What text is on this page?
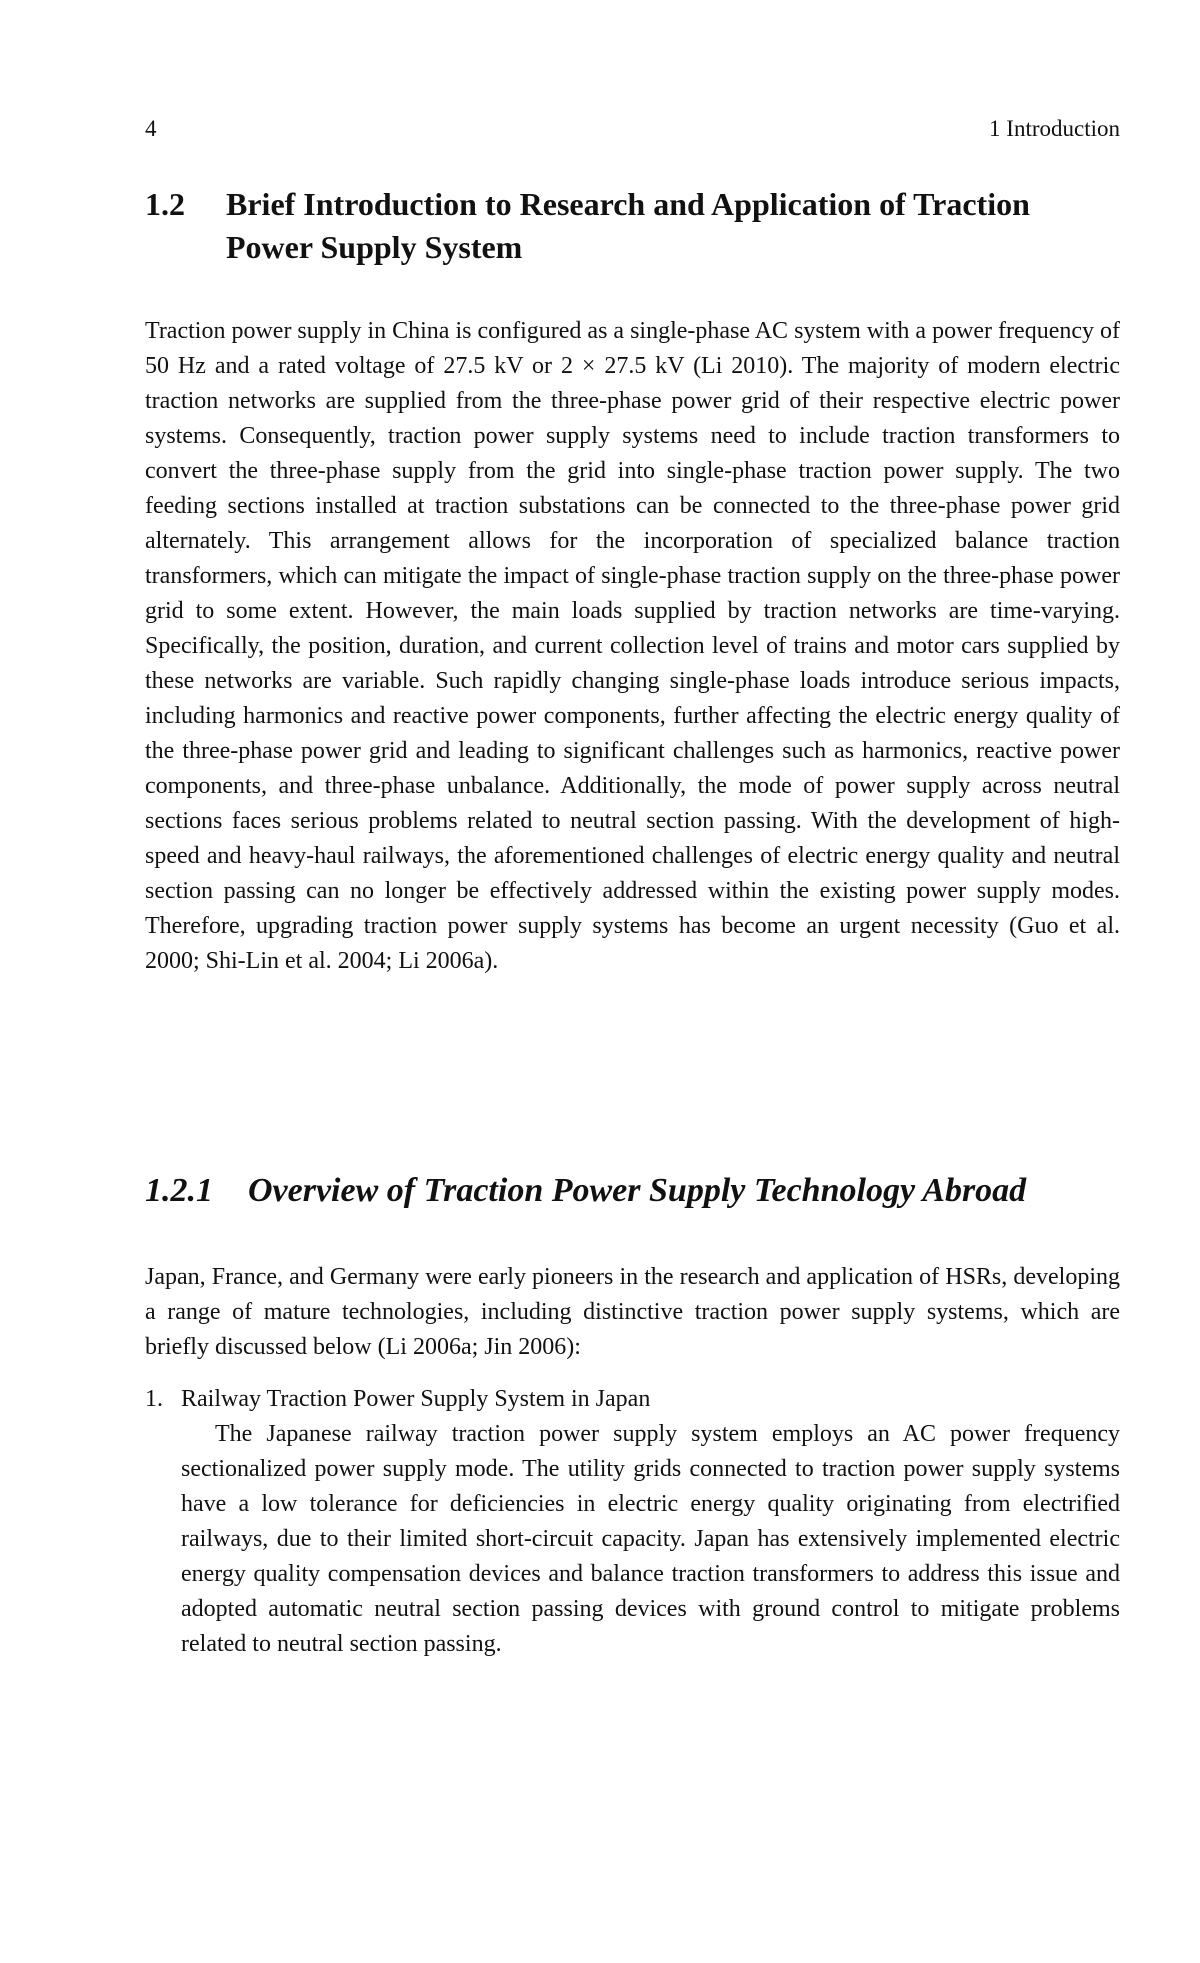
4	1 Introduction
1.2	Brief Introduction to Research and Application of Traction Power Supply System

Traction power supply in China is configured as a single-phase AC system with a power frequency of 50 Hz and a rated voltage of 27.5 kV or 2 × 27.5 kV (Li 2010). The majority of modern electric traction networks are supplied from the three-phase power grid of their respective electric power systems. Consequently, traction power supply systems need to include traction transformers to convert the three-phase supply from the grid into single-phase traction power supply. The two feeding sections installed at traction substations can be connected to the three-phase power grid alternately. This arrangement allows for the incorporation of specialized balance traction transformers, which can mitigate the impact of single-phase traction supply on the three-phase power grid to some extent. However, the main loads supplied by traction networks are time-varying. Specifically, the position, duration, and current collection level of trains and motor cars supplied by these networks are variable. Such rapidly changing single-phase loads introduce serious impacts, including harmonics and reactive power components, further affecting the electric energy quality of the three-phase power grid and leading to significant challenges such as harmonics, reactive power components, and three-phase unbalance. Additionally, the mode of power supply across neutral sections faces serious problems related to neutral section passing. With the development of high-speed and heavy-haul railways, the aforementioned challenges of electric energy quality and neutral section passing can no longer be effectively addressed within the existing power supply modes. Therefore, upgrading traction power supply systems has become an urgent necessity (Guo et al. 2000; Shi-Lin et al. 2004; Li 2006a).

1.2.1	Overview of Traction Power Supply Technology Abroad

Japan, France, and Germany were early pioneers in the research and application of HSRs, developing a range of mature technologies, including distinctive traction power supply systems, which are briefly discussed below (Li 2006a; Jin 2006):

1. Railway Traction Power Supply System in Japan

The Japanese railway traction power supply system employs an AC power frequency sectionalized power supply mode. The utility grids connected to traction power supply systems have a low tolerance for deficiencies in electric energy quality originating from electrified railways, due to their limited short-circuit capacity. Japan has extensively implemented electric energy quality compensation devices and balance traction transformers to address this issue and adopted automatic neutral section passing devices with ground control to mitigate problems related to neutral section passing.
